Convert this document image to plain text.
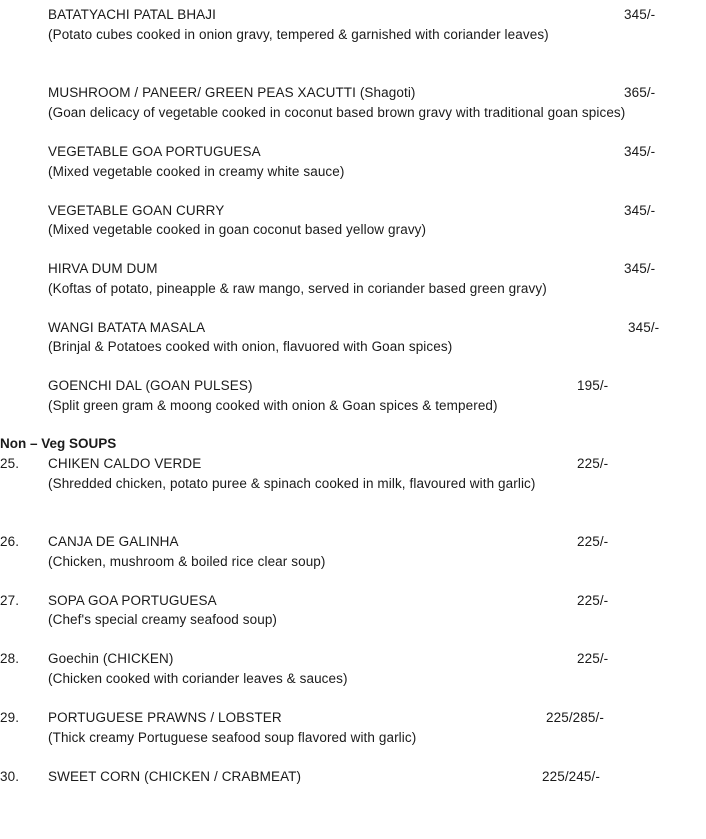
BATATYACHI PATAL BHAJI	345/-
(Potato cubes cooked in onion gravy, tempered & garnished with coriander leaves)
MUSHROOM / PANEER/ GREEN PEAS XACUTTI (Shagoti)	365/-
(Goan delicacy of vegetable cooked in coconut based brown gravy with traditional goan spices)
VEGETABLE GOA PORTUGUESA	345/-
(Mixed vegetable cooked in creamy white sauce)
VEGETABLE GOAN CURRY	345/-
(Mixed vegetable cooked in goan coconut based yellow gravy)
HIRVA DUM DUM	345/-
(Koftas of potato, pineapple & raw mango, served in coriander based green gravy)
WANGI BATATA MASALA	345/-
(Brinjal & Potatoes cooked with onion, flavuored with Goan spices)
GOENCHI DAL (GOAN PULSES)	195/-
(Split green gram & moong cooked with onion & Goan spices & tempered)
Non – Veg SOUPS
25. CHIKEN CALDO VERDE	225/-
(Shredded chicken, potato puree & spinach cooked in milk, flavoured with garlic)
26. CANJA DE GALINHA	225/-
(Chicken, mushroom & boiled rice clear soup)
27. SOPA GOA PORTUGUESA	225/-
(Chef's special creamy seafood soup)
28. Goechin (CHICKEN)	225/-
(Chicken cooked with coriander leaves & sauces)
29. PORTUGUESE PRAWNS / LOBSTER	225/285/-
(Thick creamy Portuguese seafood soup flavored with garlic)
30. SWEET CORN (CHICKEN / CRABMEAT)	225/245/-
